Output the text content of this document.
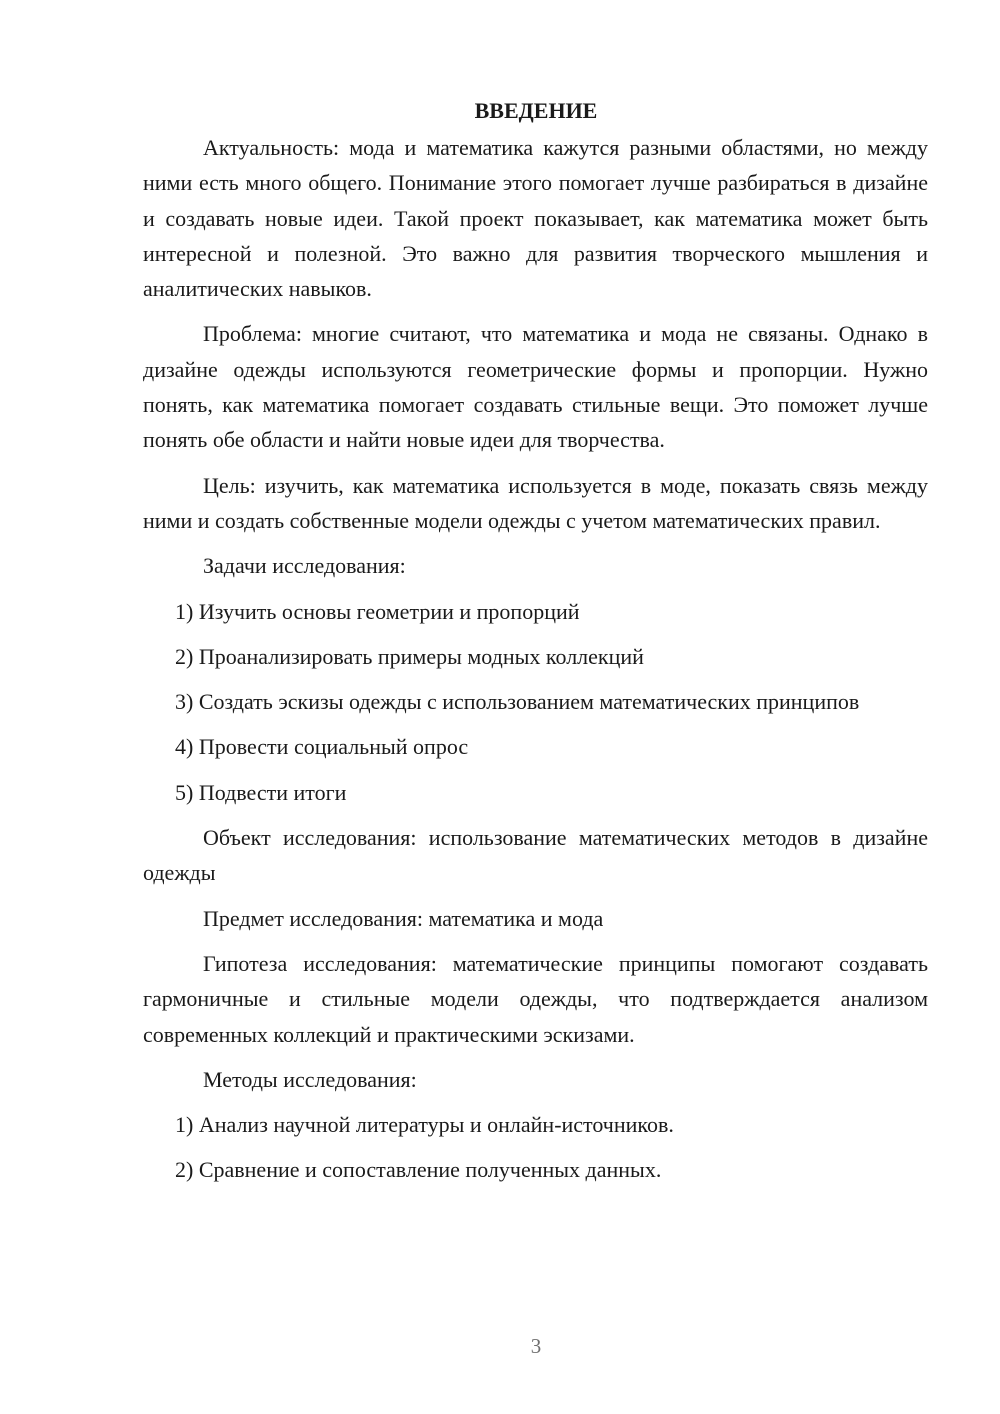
ВВЕДЕНИЕ

Актуальность: мода и математика кажутся разными областями, но между ними есть много общего. Понимание этого помогает лучше разбираться в дизайне и создавать новые идеи. Такой проект показывает, как математика может быть интересной и полезной. Это важно для развития творческого мышления и аналитических навыков.

Проблема: многие считают, что математика и мода не связаны. Однако в дизайне одежды используются геометрические формы и пропорции. Нужно понять, как математика помогает создавать стильные вещи. Это поможет лучше понять обе области и найти новые идеи для творчества.

Цель: изучить, как математика используется в моде, показать связь между ними и создать собственные модели одежды с учетом математических правил.

Задачи исследования:

1) Изучить основы геометрии и пропорций

2) Проанализировать примеры модных коллекций

3) Создать эскизы одежды с использованием математических принципов

4) Провести социальный опрос

5) Подвести итоги

Объект исследования: использование математических методов в дизайне одежды

Предмет исследования: математика и мода

Гипотеза исследования: математические принципы помогают создавать гармоничные и стильные модели одежды, что подтверждается анализом современных коллекций и практическими эскизами.

Методы исследования:

1) Анализ научной литературы и онлайн-источников.

2) Сравнение и сопоставление полученных данных.

3
